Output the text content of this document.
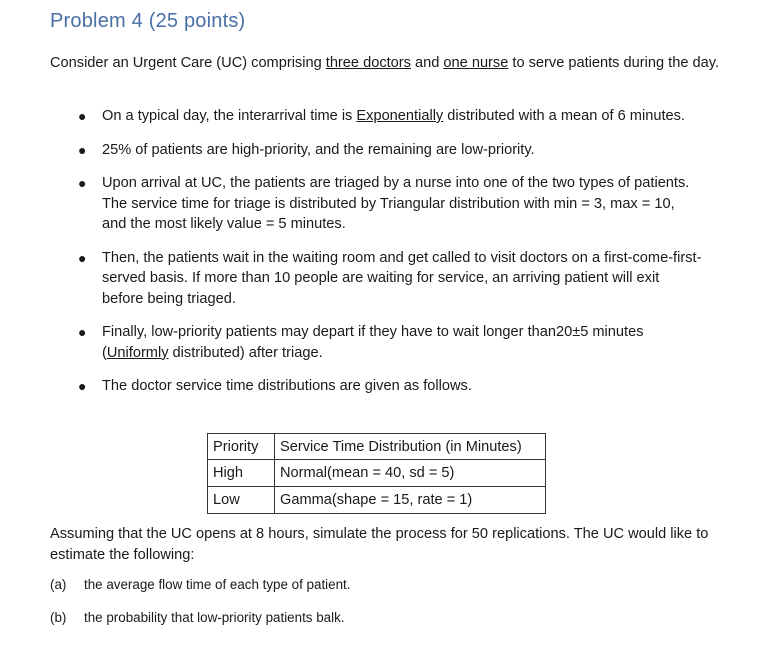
Problem 4 (25 points)
Consider an Urgent Care (UC) comprising three doctors and one nurse to serve patients during the day.
● On a typical day, the interarrival time is Exponentially distributed with a mean of 6 minutes.
● 25% of patients are high-priority, and the remaining are low-priority.
● Upon arrival at UC, the patients are triaged by a nurse into one of the two types of patients. The service time for triage is distributed by Triangular distribution with min = 3, max = 10, and the most likely value = 5 minutes.
● Then, the patients wait in the waiting room and get called to visit doctors on a first-come-first-served basis. If more than 10 people are waiting for service, an arriving patient will exit before being triaged.
● Finally, low-priority patients may depart if they have to wait longer than20±5 minutes (Uniformly distributed) after triage.
● The doctor service time distributions are given as follows.
Priority	Service Time Distribution (in Minutes)
High	Normal(mean = 40, sd = 5)
Low	Gamma(shape = 15, rate = 1)
Assuming that the UC opens at 8 hours, simulate the process for 50 replications. The UC would like to estimate the following:
(a) the average flow time of each type of patient.
(b) the probability that low-priority patients balk.
